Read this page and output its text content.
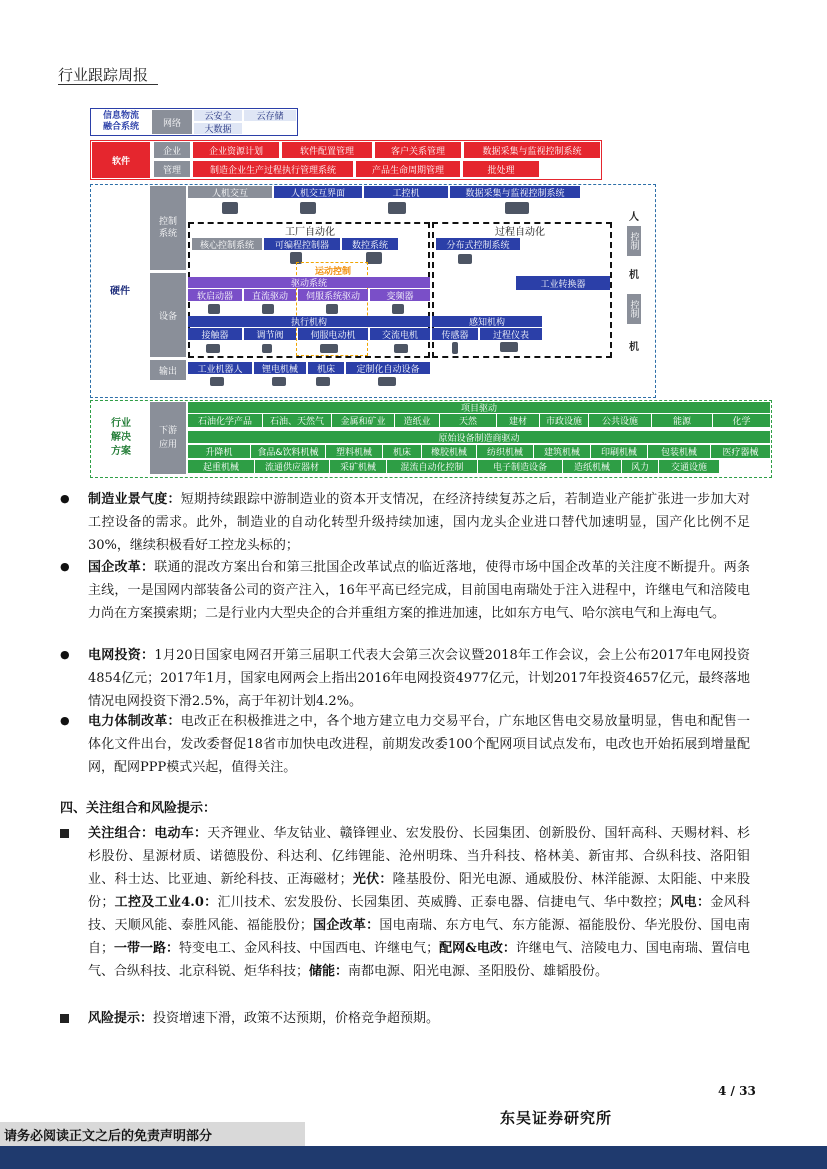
行业跟踪周报
信息物流
融合系统	网络
云安全	云存储
大数据
软件
企业
管理
企业资源计划	软件配置管理	客户关系管理	数据采集与监视控制系统
制造企业生产过程执行管理系统	产品生命周期管理	批处理
硬件
控制
系统
设备
输出
人机交互	人机交互界面	工控机	数据采集与监视控制系统
工厂自动化	过程自动化
核心控制系统	可编程控制器	数控系统	分布式控制系统
运动控制
驱动系统
软启动器	直流驱动	伺服系统驱动	变频器
工业转换器
执行机构	感知机构
接触器	调节阀	伺服电动机	交流电机	传感器	过程仪表
工业机器人	锂电机械	机床	定制化自动设备
人
控制
机
控制
机
行业
解决
方案
下游
应用
项目驱动
石油化学产品	石油、天然气	金属和矿业	造纸业	天然	建材	市政设施	公共设施	能源	化学
原始设备制造商驱动
升降机	食品&饮料机械	塑料机械	机床	橡胶机械	纺织机械	建筑机械	印刷机械	包装机械	医疗器械
起重机械	流通供应器材	采矿机械	混流自动化控制	电子制造设备	造纸机械	风力	交通设施
● 制造业景气度：短期持续跟踪中游制造业的资本开支情况，在经济持续复苏之后，若制造业产能扩张进一步加大对工控设备的需求。此外，制造业的自动化转型升级持续加速，国内龙头企业进口替代加速明显，国产化比例不足30%，继续积极看好工控龙头标的；
● 国企改革：联通的混改方案出台和第三批国企改革试点的临近落地，使得市场中国企改革的关注度不断提升。两条主线，一是国网内部装备公司的资产注入，16年平高已经完成，目前国电南瑞处于注入进程中，许继电气和涪陵电力尚在方案摸索期；二是行业内大型央企的合并重组方案的推进加速，比如东方电气、哈尔滨电气和上海电气。
● 电网投资：1月20日国家电网召开第三届职工代表大会第三次会议暨2018年工作会议，会上公布2017年电网投资4854亿元；2017年1月，国家电网两会上指出2016年电网投资4977亿元，计划2017年投资4657亿元，最终落地情况电网投资下滑2.5%，高于年初计划4.2%。
● 电力体制改革：电改正在积极推进之中，各个地方建立电力交易平台，广东地区售电交易放量明显，售电和配售一体化文件出台，发改委督促18省市加快电改进程，前期发改委100个配网项目试点发布，电改也开始拓展到增量配网，配网PPP模式兴起，值得关注。
四、关注组合和风险提示：
关注组合：电动车：天齐锂业、华友钴业、赣锋锂业、宏发股份、长园集团、创新股份、国轩高科、天赐材料、杉杉股份、星源材质、诺德股份、科达利、亿纬锂能、沧州明珠、当升科技、格林美、新宙邦、合纵科技、洛阳钼业、科士达、比亚迪、新纶科技、正海磁材；光伏：隆基股份、阳光电源、通威股份、林洋能源、太阳能、中来股份；工控及工业4.0：汇川技术、宏发股份、长园集团、英威腾、正泰电器、信捷电气、华中数控；风电：金风科技、天顺风能、泰胜风能、福能股份；国企改革：国电南瑞、东方电气、东方能源、福能股份、华光股份、国电南自；一带一路：特变电工、金风科技、中国西电、许继电气；配网&电改：许继电气、涪陵电力、国电南瑞、置信电气、合纵科技、北京科锐、炬华科技；储能：南都电源、阳光电源、圣阳股份、雄韬股份。
风险提示：投资增速下滑，政策不达预期，价格竞争超预期。
4 / 33
东吴证券研究所
请务必阅读正文之后的免责声明部分
